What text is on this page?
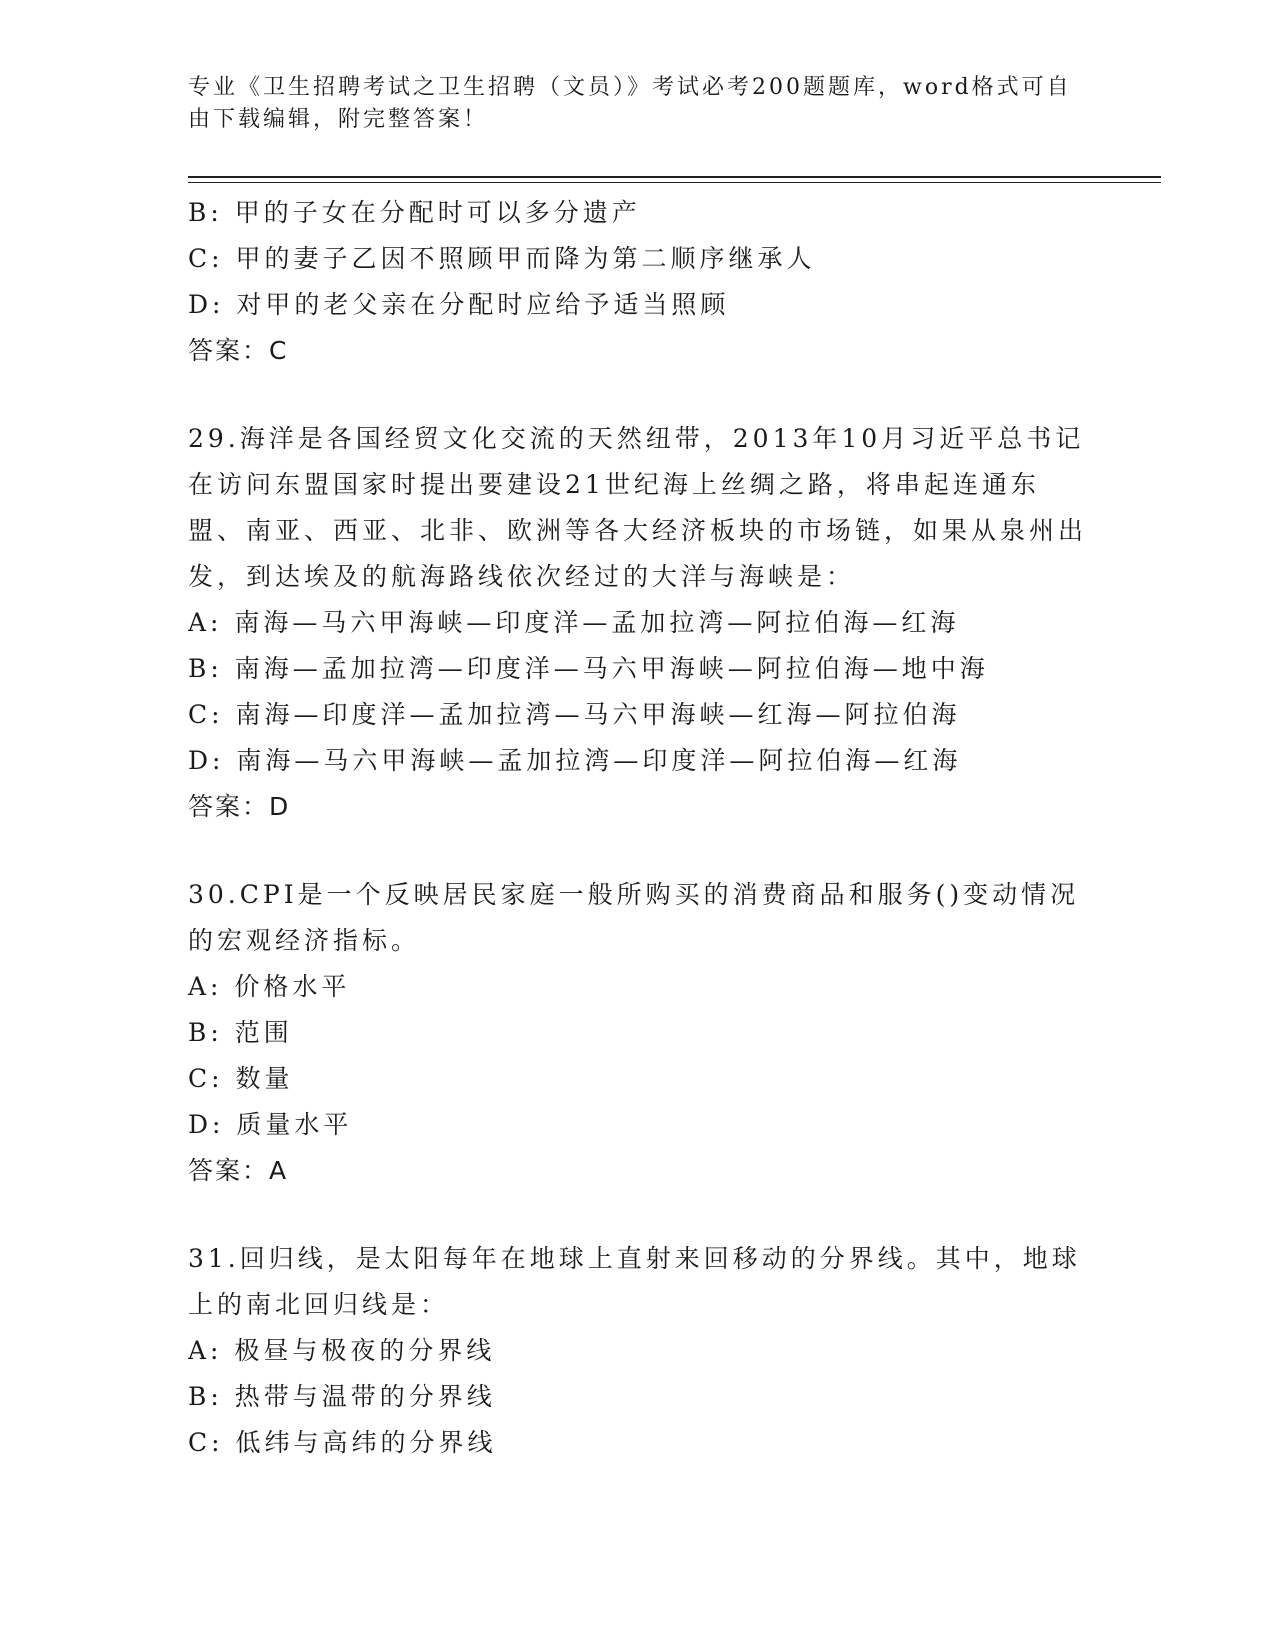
专业《卫生招聘考试之卫生招聘（文员）》考试必考200题题库，word格式可自由下载编辑，附完整答案！
B: 甲的子女在分配时可以多分遗产
C: 甲的妻子乙因不照顾甲而降为第二顺序继承人
D: 对甲的老父亲在分配时应给予适当照顾
答案：C
29.海洋是各国经贸文化交流的天然纽带，2013年10月习近平总书记在访问东盟国家时提出要建设21世纪海上丝绸之路，将串起连通东盟、南亚、西亚、北非、欧洲等各大经济板块的市场链，如果从泉州出发，到达埃及的航海路线依次经过的大洋与海峡是：
A: 南海—马六甲海峡—印度洋—孟加拉湾—阿拉伯海—红海
B: 南海—孟加拉湾—印度洋—马六甲海峡—阿拉伯海—地中海
C: 南海—印度洋—孟加拉湾—马六甲海峡—红海—阿拉伯海
D: 南海—马六甲海峡—孟加拉湾—印度洋—阿拉伯海—红海
答案：D
30.CPI是一个反映居民家庭一般所购买的消费商品和服务()变动情况的宏观经济指标。
A: 价格水平
B: 范围
C: 数量
D: 质量水平
答案：A
31.回归线，是太阳每年在地球上直射来回移动的分界线。其中，地球上的南北回归线是：
A: 极昼与极夜的分界线
B: 热带与温带的分界线
C: 低纬与高纬的分界线
